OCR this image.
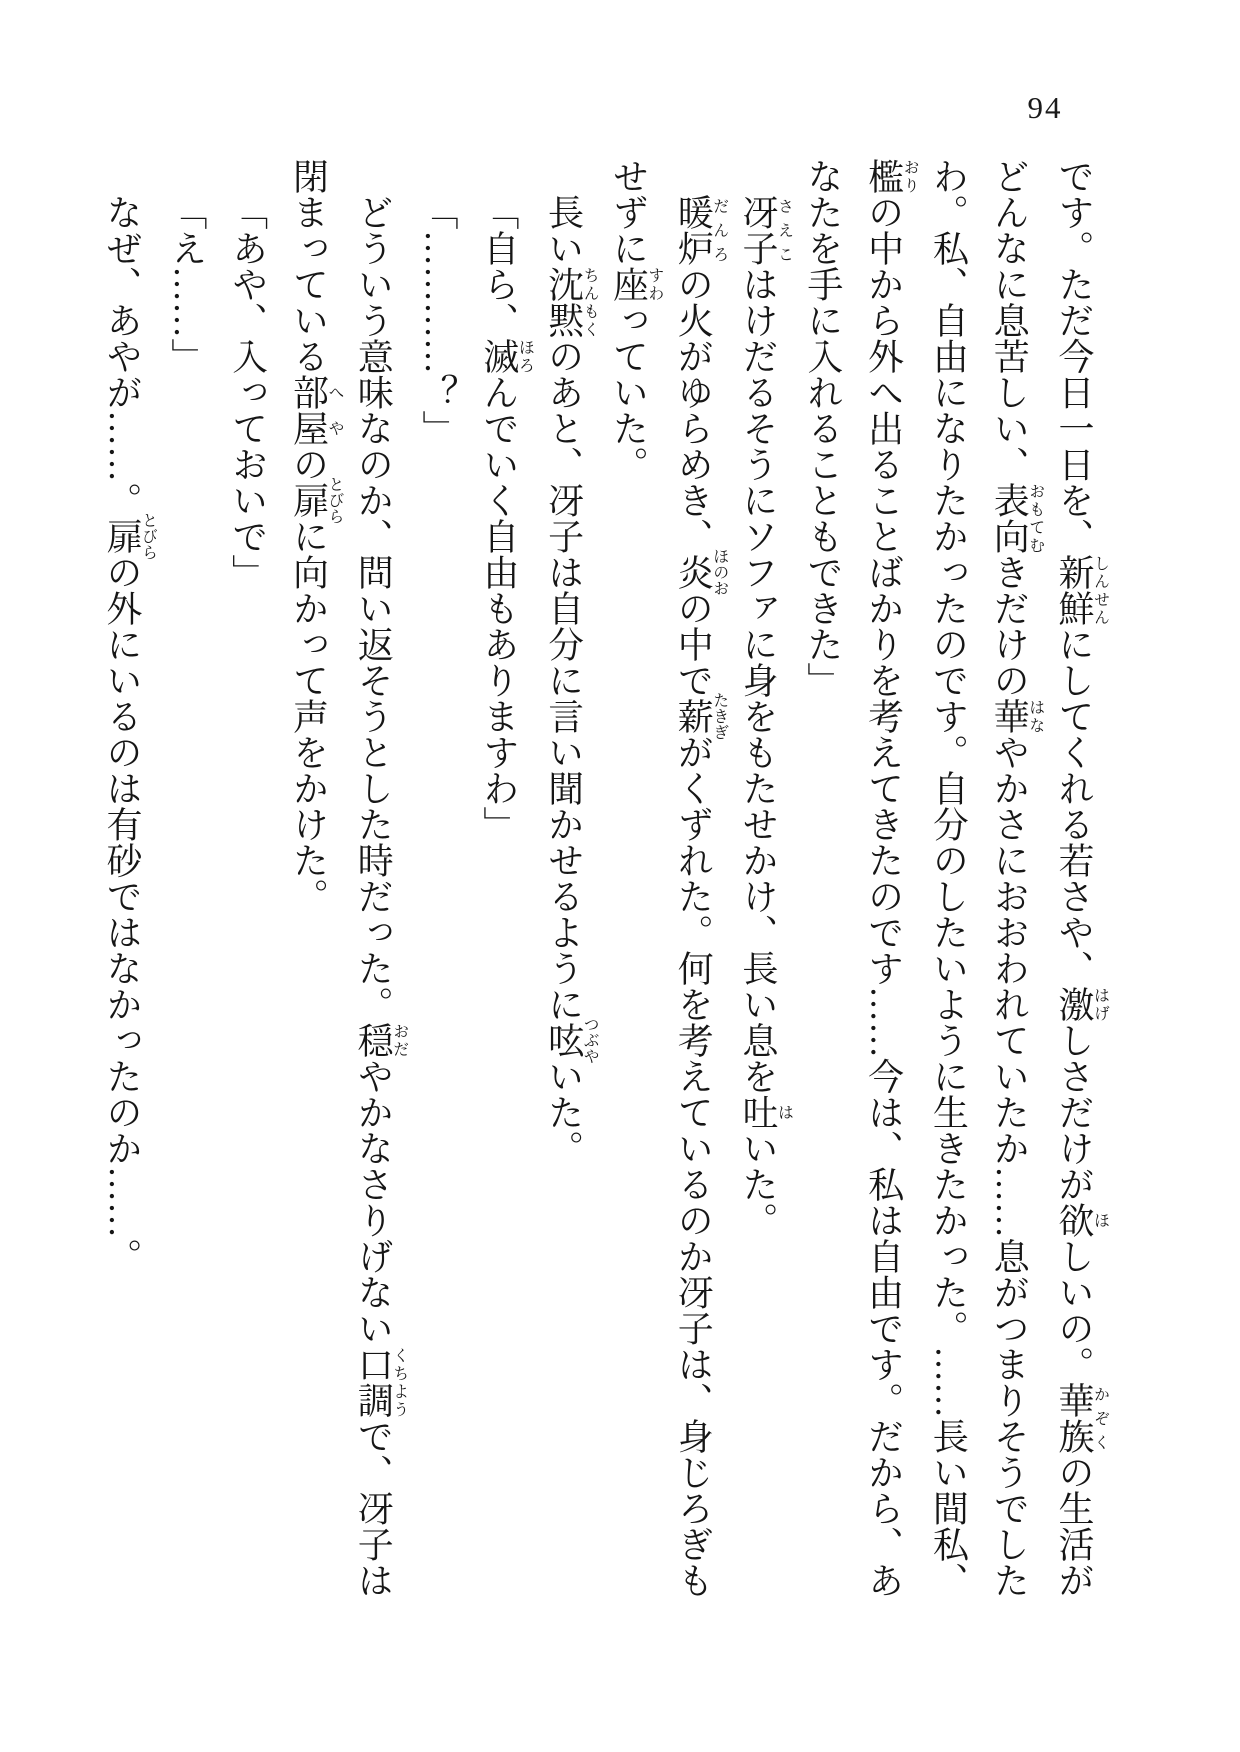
94

です。ただ今日一日を、新鮮しんせんにしてくれる若さや、激はげしさだけが欲ほしいの。華族かぞくの生活が

どんなに息苦しい、表向おもてむきだけの華はなやかさにおおわれていたか……息がつまりそうでした

わ。私、自由になりたかったのです。自分のしたいように生きたかった。……長い間私、

檻おりの中から外へ出ることばかりを考えてきたのです……今は、私は自由です。だから、あ

なたを手に入れることもできた」

冴子さえこはけだるそうにソファに身をもたせかけ、長い息を吐はいた。

暖炉だんろの火がゆらめき、炎ほのおの中で薪たきぎがくずれた。何を考えているのか冴子は、身じろぎも

せずに座すわっていた。

長い沈黙ちんもくのあと、冴子は自分に言い聞かせるように呟つぶやいた。

「自ら、滅ほろんでいく自由もありますわ」

「…………？」

どういう意味なのか、問い返そうとした時だった。穏おだやかなさりげない口調くちようで、冴子は

閉まっている部屋へやの扉とびらに向かって声をかけた。

「あや、入っておいで」

「え……」

なぜ、あやが……。扉とびらの外にいるのは有砂ではなかったのか……。
